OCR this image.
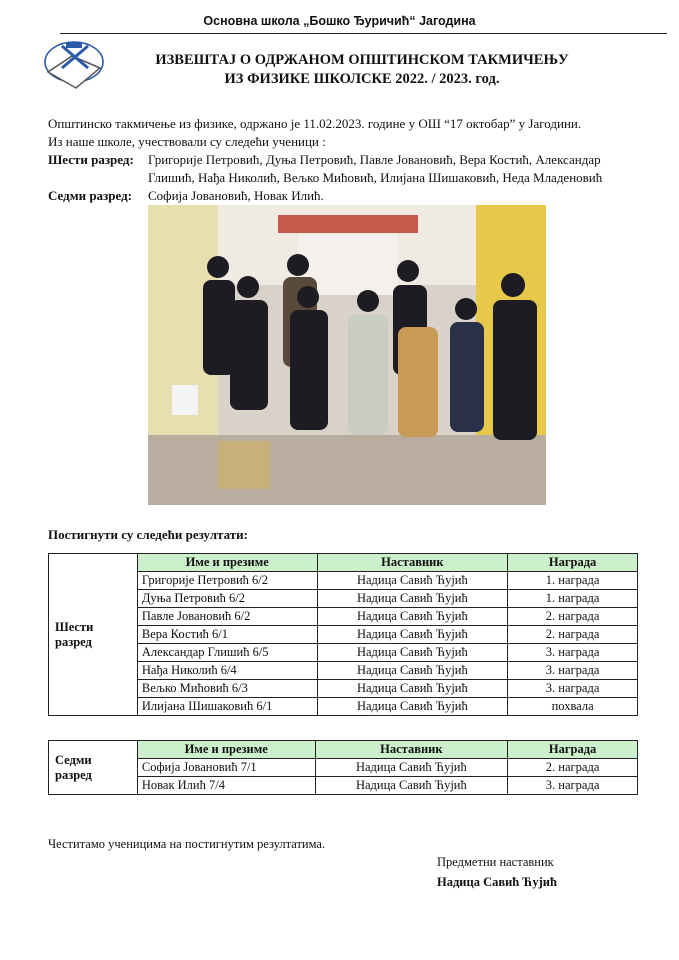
Основна школа „Бошко Ђуричић“ Јагодина
ИЗВЕШТАЈ О ОДРЖАНОМ ОПШТИНСКОМ ТАКМИЧЕЊУ
ИЗ ФИЗИКЕ ШКОЛСКЕ 2022. / 2023. год.
Општинско такмичење из физике, одржано је 11.02.2023. године у ОШ “17 октобар” у Јагодини.
Из наше школе, учествовали су следећи ученици :
Шести разред: Григорије Петровић, Дуња Петровић, Павле Јовановић, Вера Костић, Александар
Глишић, Нађа Николић, Вељко Мићовић, Илијана Шишаковић, Неда Младеновић
Седми разред: Софија Јовановић, Новак Илић.
Постигнути су следећи резултати:
Шести
разред	Име и презиме	Наставник	Награда
	Григорије Петровић 6/2	Надица Савић Ћујић	1. награда
	Дуња Петровић 6/2	Надица Савић Ћујић	1. награда
	Павле Јовановић 6/2	Надица Савић Ћујић	2. награда
	Вера Костић 6/1	Надица Савић Ћујић	2. награда
	Александар Глишић 6/5	Надица Савић Ћујић	3. награда
	Нађа Николић 6/4	Надица Савић Ћујић	3. награда
	Вељко Мићовић 6/3	Надица Савић Ћујић	3. награда
	Илијана Шишаковић 6/1	Надица Савић Ћујић	похвала
Седми
разред	Име и презиме	Наставник	Награда
	Софија Јовановић 7/1	Надица Савић Ћујић	2. награда
	Новак Илић 7/4	Надица Савић Ћујић	3. награда
Честитамо ученицима на постигнутим резултатима.
Предметни наставник
Надица Савић Ћујић
